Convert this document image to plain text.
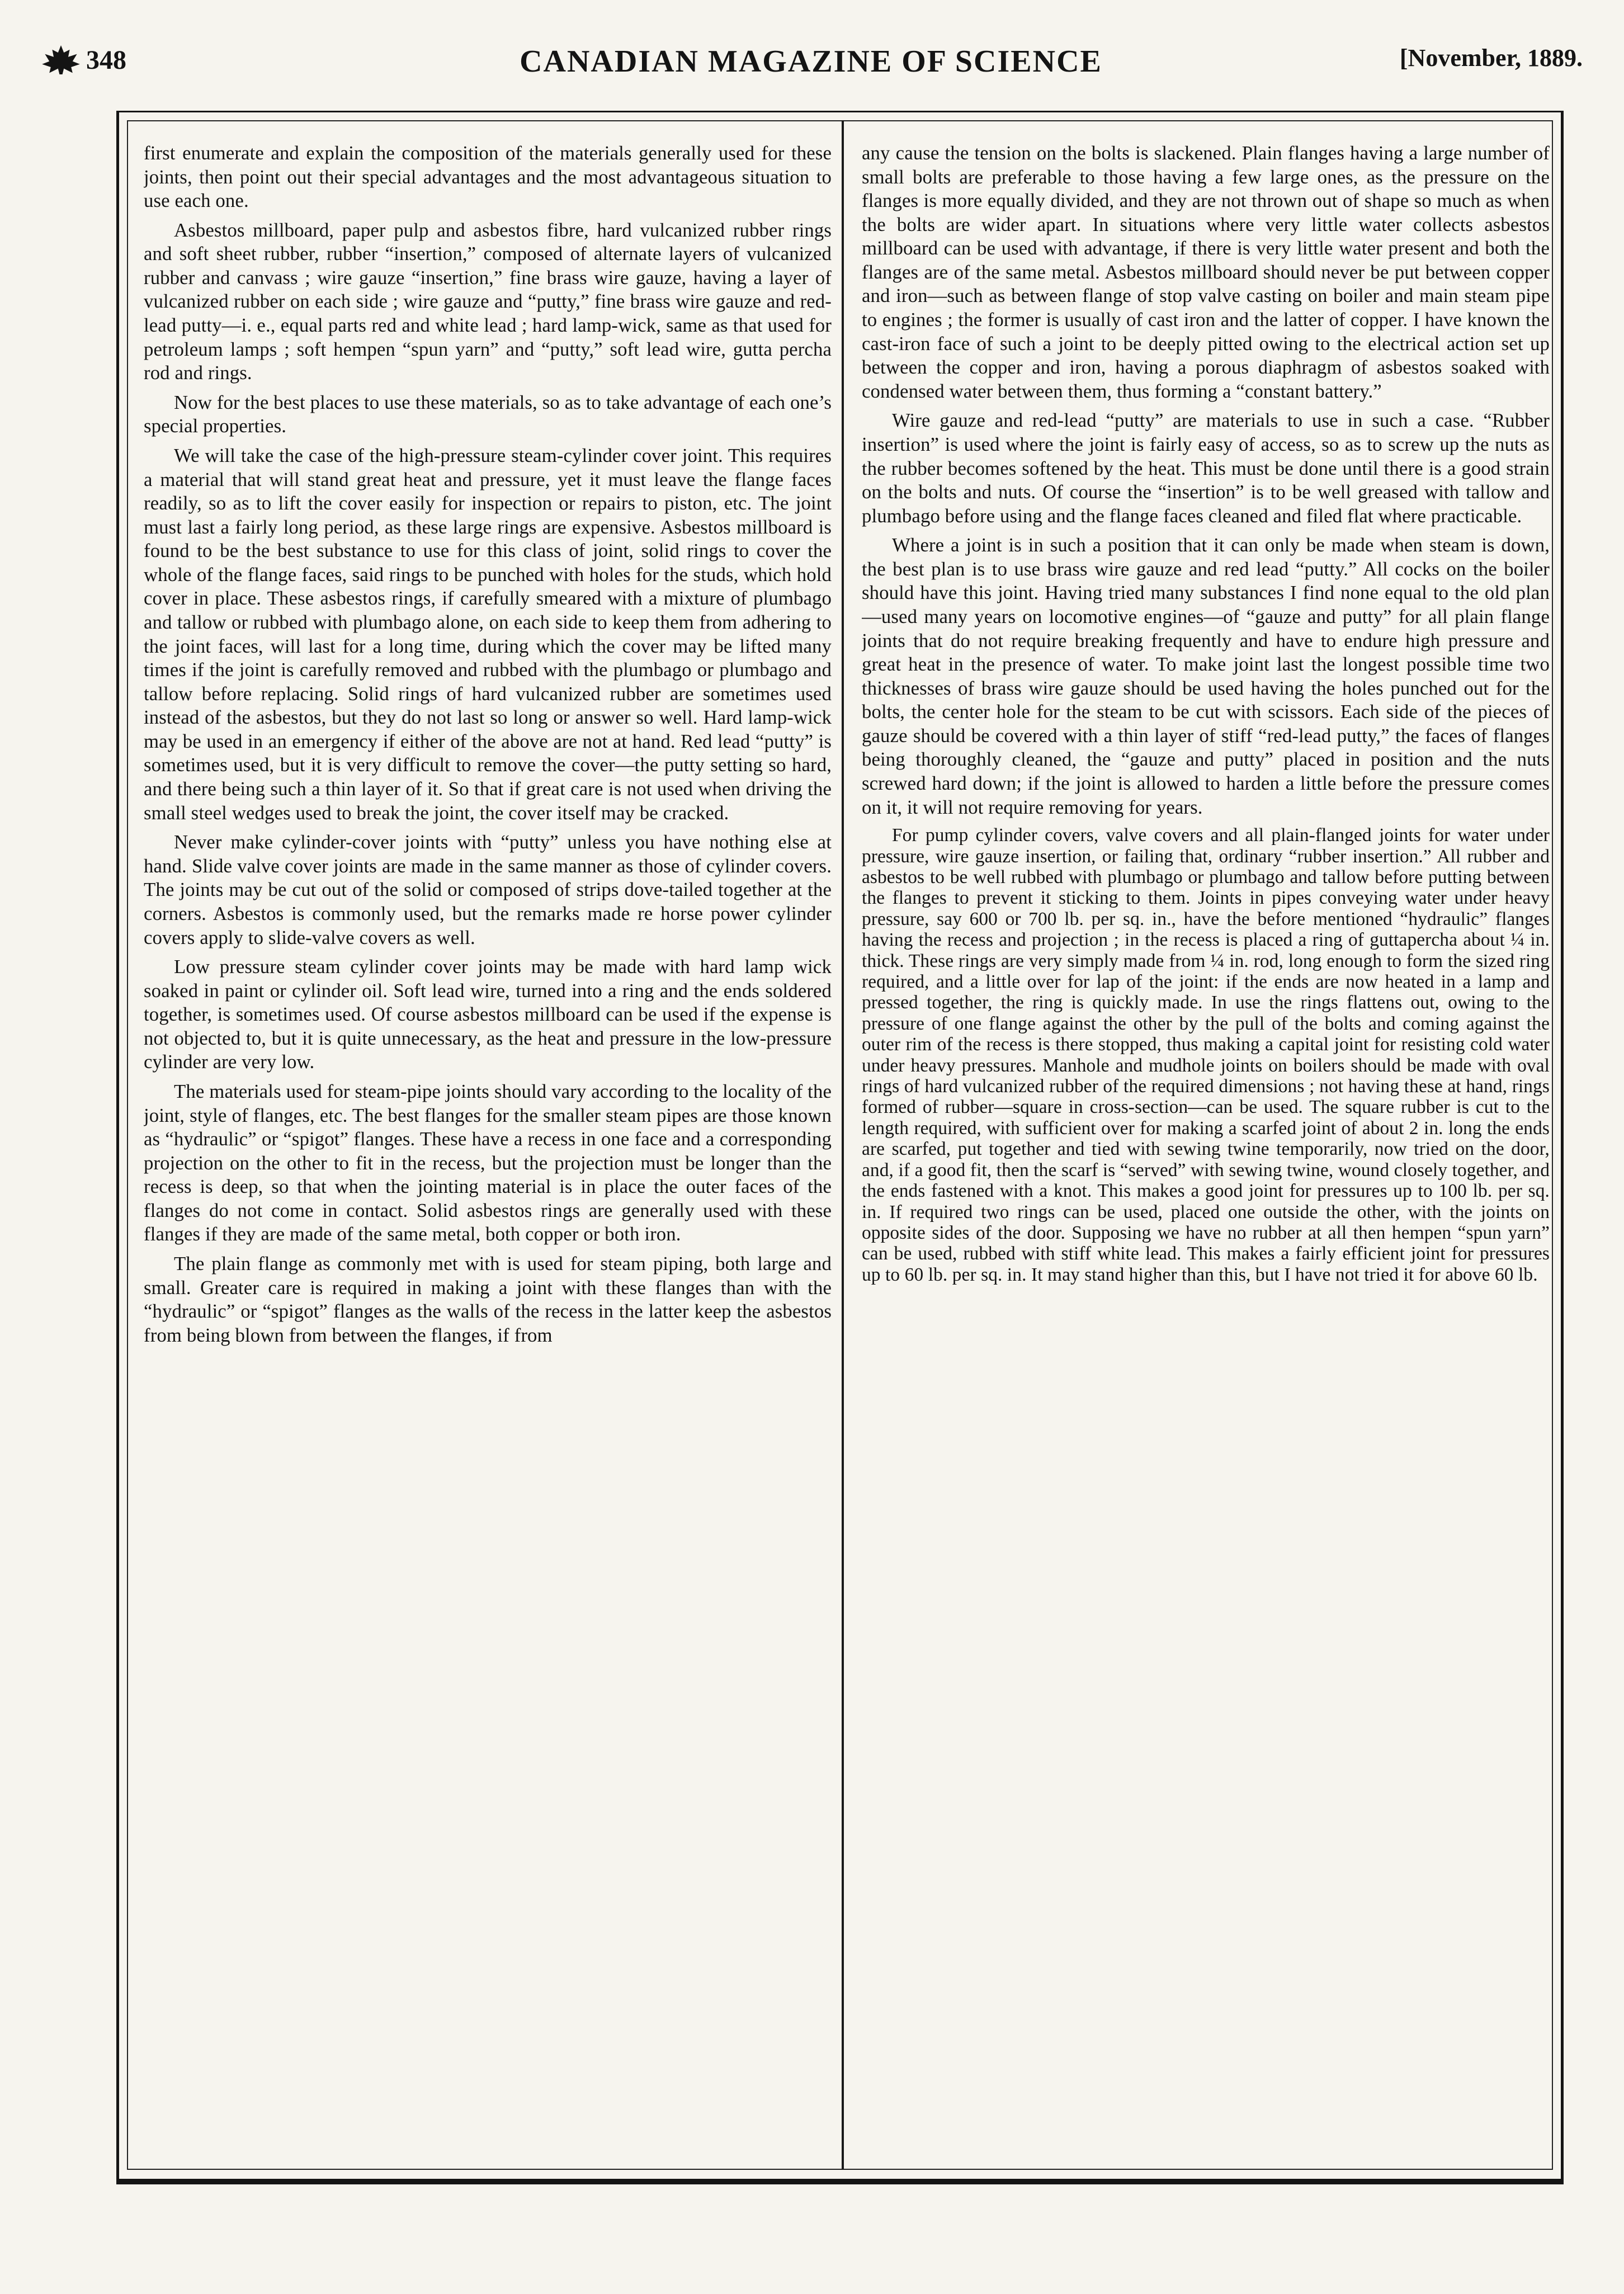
348	CANADIAN MAGAZINE OF SCIENCE	[November, 1889.

first enumerate and explain the composition of the materials generally used for these joints, then point out their special advantages and the most advantageous situation to use each one.

Asbestos millboard, paper pulp and asbestos fibre, hard vulcanized rubber rings and soft sheet rubber, rubber “insertion,” composed of alternate layers of vulcanized rubber and canvass ; wire gauze “insertion,” fine brass wire gauze, having a layer of vulcanized rubber on each side ; wire gauze and “putty,” fine brass wire gauze and red-lead putty—i. e., equal parts red and white lead ; hard lamp-wick, same as that used for petroleum lamps ; soft hempen “spun yarn” and “putty,” soft lead wire, gutta percha rod and rings.

Now for the best places to use these materials, so as to take advantage of each one’s special properties.

We will take the case of the high-pressure steam-cylinder cover joint. This requires a material that will stand great heat and pressure, yet it must leave the flange faces readily, so as to lift the cover easily for inspection or repairs to piston, etc. The joint must last a fairly long period, as these large rings are expensive. Asbestos millboard is found to be the best substance to use for this class of joint, solid rings to cover the whole of the flange faces, said rings to be punched with holes for the studs, which hold cover in place. These asbestos rings, if carefully smeared with a mixture of plumbago and tallow or rubbed with plumbago alone, on each side to keep them from adhering to the joint faces, will last for a long time, during which the cover may be lifted many times if the joint is carefully removed and rubbed with the plumbago or plumbago and tallow before replacing. Solid rings of hard vulcanized rubber are sometimes used instead of the asbestos, but they do not last so long or answer so well. Hard lamp-wick may be used in an emergency if either of the above are not at hand. Red lead “putty” is sometimes used, but it is very difficult to remove the cover—the putty setting so hard, and there being such a thin layer of it. So that if great care is not used when driving the small steel wedges used to break the joint, the cover itself may be cracked.

Never make cylinder-cover joints with “putty” unless you have nothing else at hand. Slide valve cover joints are made in the same manner as those of cylinder covers. The joints may be cut out of the solid or composed of strips dove-tailed together at the corners. Asbestos is commonly used, but the remarks made re horse power cylinder covers apply to slide-valve covers as well.

Low pressure steam cylinder cover joints may be made with hard lamp wick soaked in paint or cylinder oil. Soft lead wire, turned into a ring and the ends soldered together, is sometimes used. Of course asbestos millboard can be used if the expense is not objected to, but it is quite unnecessary, as the heat and pressure in the low-pressure cylinder are very low.

The materials used for steam-pipe joints should vary according to the locality of the joint, style of flanges, etc. The best flanges for the smaller steam pipes are those known as “hydraulic” or “spigot” flanges. These have a recess in one face and a corresponding projection on the other to fit in the recess, but the projection must be longer than the recess is deep, so that when the jointing material is in place the outer faces of the flanges do not come in contact. Solid asbestos rings are generally used with these flanges if they are made of the same metal, both copper or both iron.

The plain flange as commonly met with is used for steam piping, both large and small. Greater care is required in making a joint with these flanges than with the “hydraulic” or “spigot” flanges as the walls of the recess in the latter keep the asbestos from being blown from between the flanges, if from

any cause the tension on the bolts is slackened. Plain flanges having a large number of small bolts are preferable to those having a few large ones, as the pressure on the flanges is more equally divided, and they are not thrown out of shape so much as when the bolts are wider apart. In situations where very little water collects asbestos millboard can be used with advantage, if there is very little water present and both the flanges are of the same metal. Asbestos millboard should never be put between copper and iron—such as between flange of stop valve casting on boiler and main steam pipe to engines ; the former is usually of cast iron and the latter of copper. I have known the cast-iron face of such a joint to be deeply pitted owing to the electrical action set up between the copper and iron, having a porous diaphragm of asbestos soaked with condensed water between them, thus forming a “constant battery.”

Wire gauze and red-lead “putty” are materials to use in such a case. “Rubber insertion” is used where the joint is fairly easy of access, so as to screw up the nuts as the rubber becomes softened by the heat. This must be done until there is a good strain on the bolts and nuts. Of course the “insertion” is to be well greased with tallow and plumbago before using and the flange faces cleaned and filed flat where practicable.

Where a joint is in such a position that it can only be made when steam is down, the best plan is to use brass wire gauze and red lead “putty.” All cocks on the boiler should have this joint. Having tried many substances I find none equal to the old plan—used many years on locomotive engines—of “gauze and putty” for all plain flange joints that do not require breaking frequently and have to endure high pressure and great heat in the presence of water. To make joint last the longest possible time two thicknesses of brass wire gauze should be used having the holes punched out for the bolts, the center hole for the steam to be cut with scissors. Each side of the pieces of gauze should be covered with a thin layer of stiff “red-lead putty,” the faces of flanges being thoroughly cleaned, the “gauze and putty” placed in position and the nuts screwed hard down; if the joint is allowed to harden a little before the pressure comes on it, it will not require removing for years.

For pump cylinder covers, valve covers and all plain-flanged joints for water under pressure, wire gauze insertion, or failing that, ordinary “rubber insertion.” All rubber and asbestos to be well rubbed with plumbago or plumbago and tallow before putting between the flanges to prevent it sticking to them. Joints in pipes conveying water under heavy pressure, say 600 or 700 lb. per sq. in., have the before mentioned “hydraulic” flanges having the recess and projection ; in the recess is placed a ring of guttapercha about ¼ in. thick. These rings are very simply made from ¼ in. rod, long enough to form the sized ring required, and a little over for lap of the joint: if the ends are now heated in a lamp and pressed together, the ring is quickly made. In use the rings flattens out, owing to the pressure of one flange against the other by the pull of the bolts and coming against the outer rim of the recess is there stopped, thus making a capital joint for resisting cold water under heavy pressures. Manhole and mudhole joints on boilers should be made with oval rings of hard vulcanized rubber of the required dimensions ; not having these at hand, rings formed of rubber—square in cross-section—can be used. The square rubber is cut to the length required, with sufficient over for making a scarfed joint of about 2 in. long the ends are scarfed, put together and tied with sewing twine temporarily, now tried on the door, and, if a good fit, then the scarf is “served” with sewing twine, wound closely together, and the ends fastened with a knot. This makes a good joint for pressures up to 100 lb. per sq. in. If required two rings can be used, placed one outside the other, with the joints on opposite sides of the door. Supposing we have no rubber at all then hempen “spun yarn” can be used, rubbed with stiff white lead. This makes a fairly efficient joint for pressures up to 60 lb. per sq. in. It may stand higher than this, but I have not tried it for above 60 lb.
